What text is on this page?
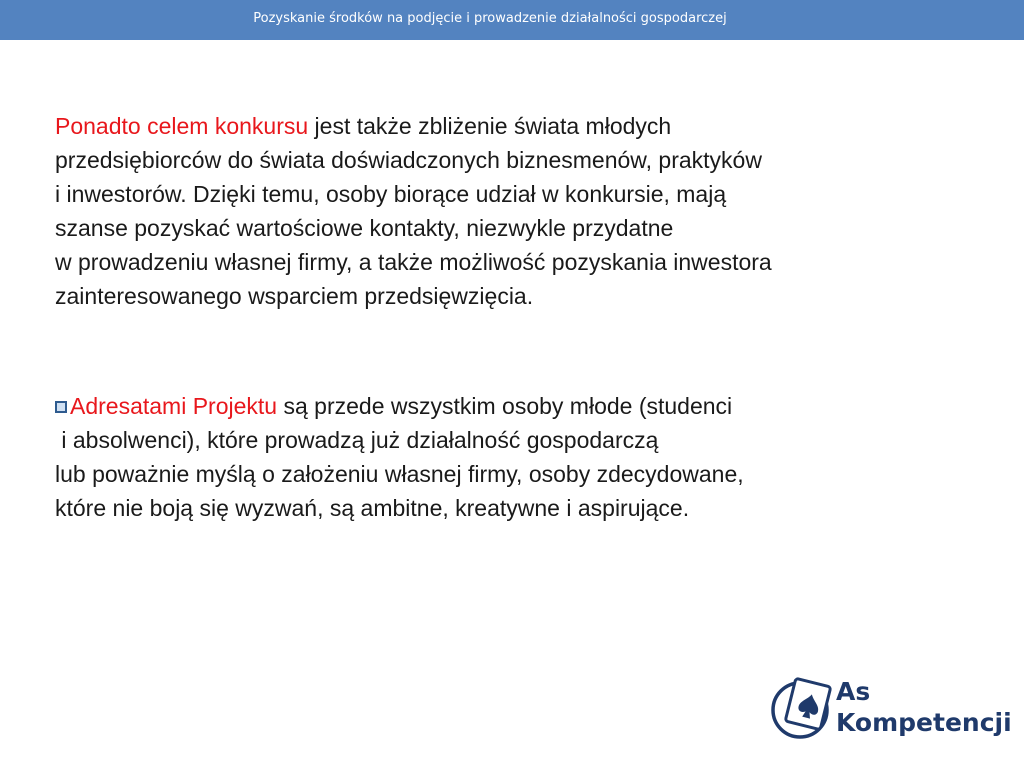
Pozyskanie środków na podjęcie i prowadzenie działalności gospodarczej

Ponadto celem konkursu jest także zbliżenie świata młodych
przedsiębiorców do świata doświadczonych biznesmenów, praktyków
i inwestorów. Dzięki temu, osoby biorące udział w konkursie, mają
szanse pozyskać wartościowe kontakty, niezwykle przydatne
w prowadzeniu własnej firmy, a także możliwość pozyskania inwestora
zainteresowanego wsparciem przedsięwzięcia.

Adresatami Projektu są przede wszystkim osoby młode (studenci
i absolwenci), które prowadzą już działalność gospodarczą
lub poważnie myślą o założeniu własnej firmy, osoby zdecydowane,
które nie boją się wyzwań, są ambitne, kreatywne i aspirujące.

As
Kompetencji
